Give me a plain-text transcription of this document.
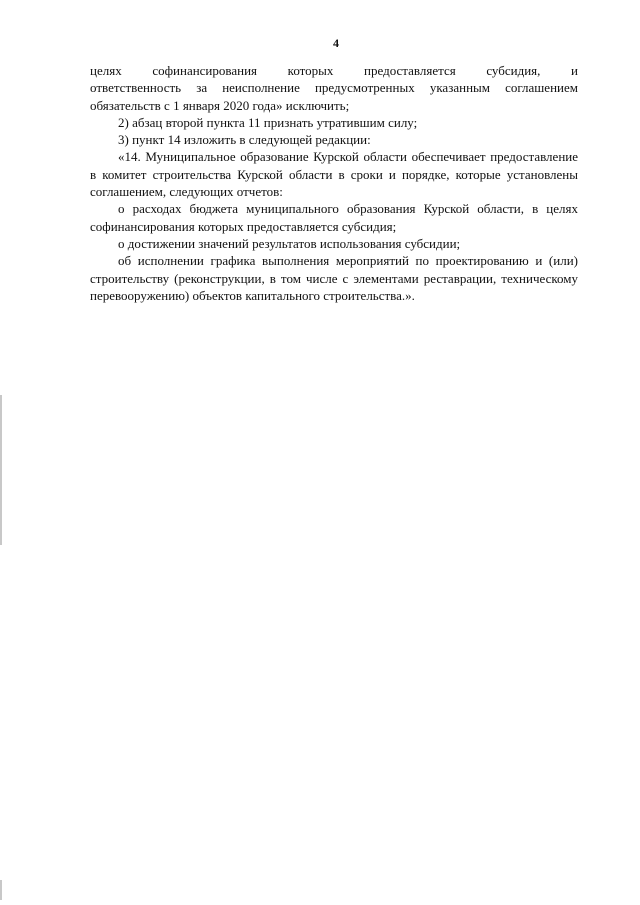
4

целях софинансирования которых предоставляется субсидия, и

ответственность за неисполнение предусмотренных указанным соглашением обязательств с 1 января 2020 года» исключить;

2) абзац второй пункта 11 признать утратившим силу;

3) пункт 14 изложить в следующей редакции:

«14. Муниципальное образование Курской области обеспечивает предоставление в комитет строительства Курской области в сроки и порядке, которые установлены соглашением, следующих отчетов:

о расходах бюджета муниципального образования Курской области, в целях софинансирования которых предоставляется субсидия;

о достижении значений результатов использования субсидии;

об исполнении графика выполнения мероприятий по проектированию и (или) строительству (реконструкции, в том числе с элементами реставрации, техническому перевооружению) объектов капитального строительства.».
